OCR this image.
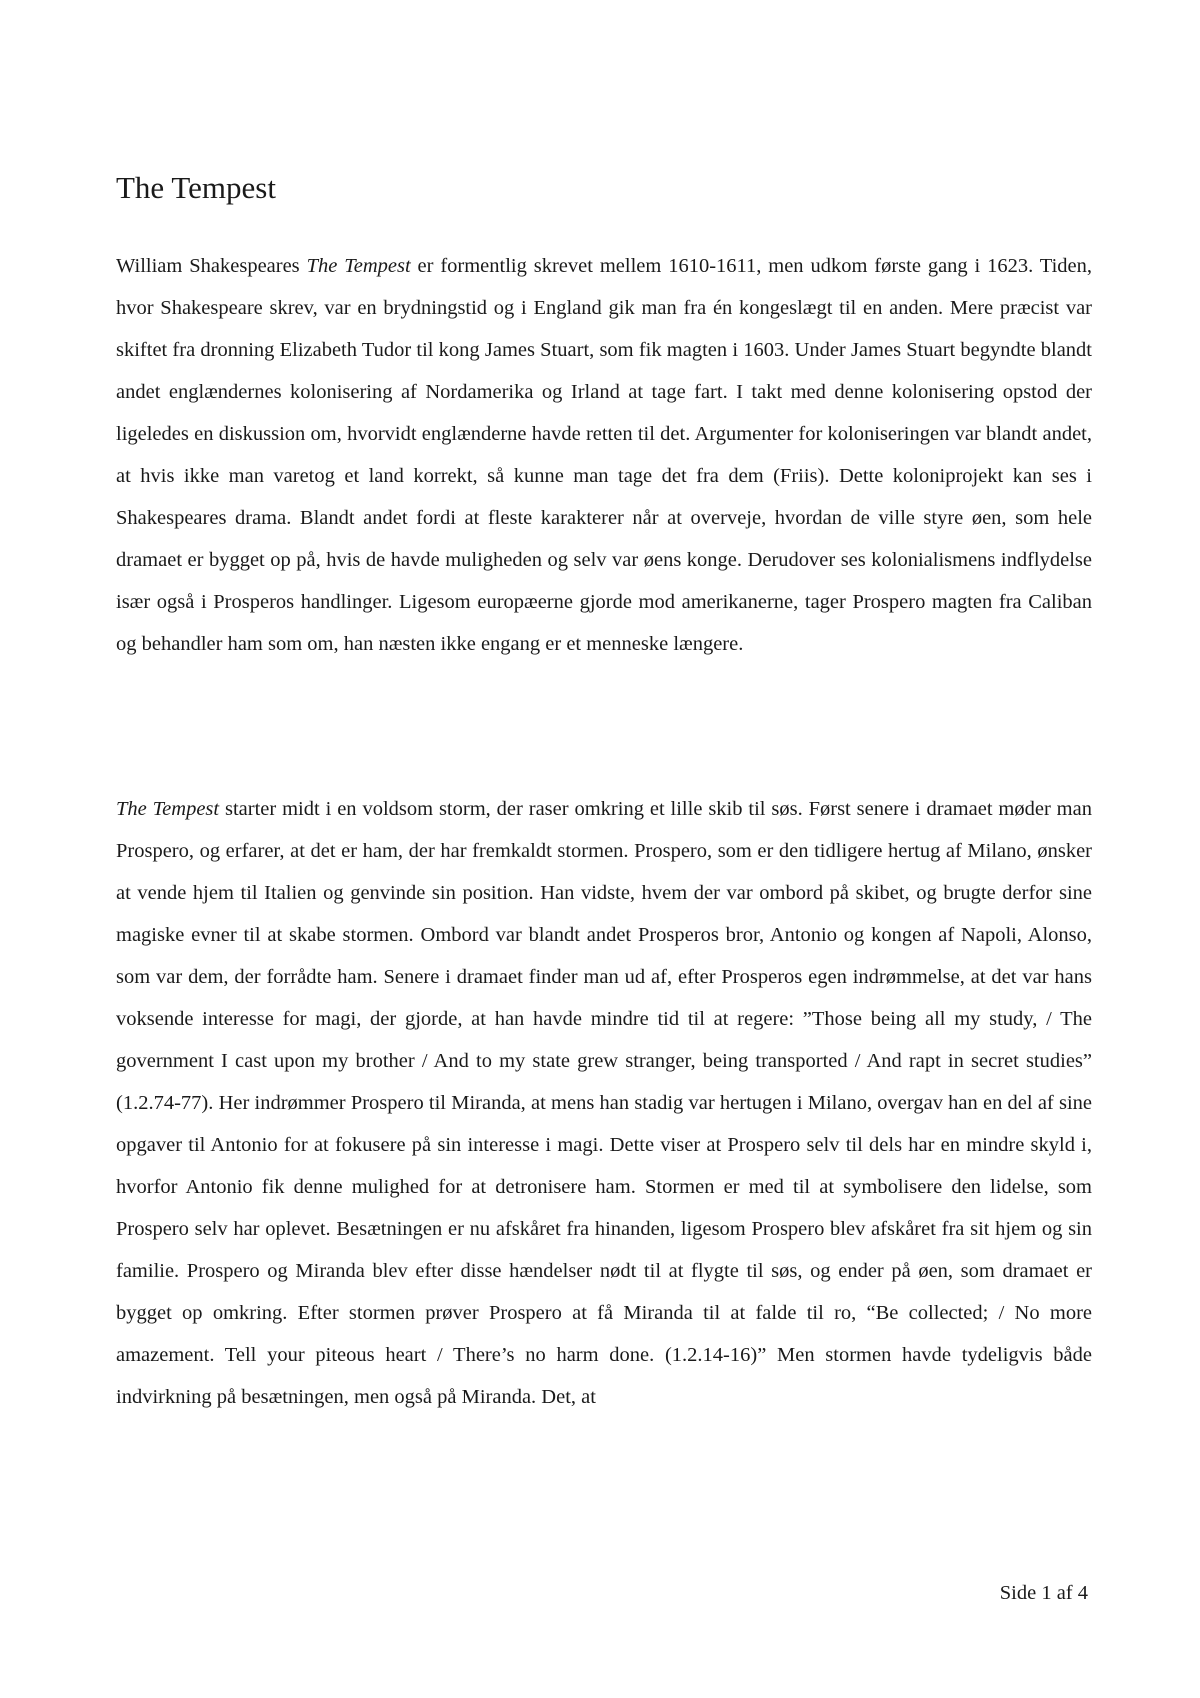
The Tempest

William Shakespeares The Tempest er formentlig skrevet mellem 1610-1611, men udkom første gang i 1623. Tiden, hvor Shakespeare skrev, var en brydningstid og i England gik man fra én kongeslægt til en anden. Mere præcist var skiftet fra dronning Elizabeth Tudor til kong James Stuart, som fik magten i 1603. Under James Stuart begyndte blandt andet englændernes kolonisering af Nordamerika og Irland at tage fart. I takt med denne kolonisering opstod der ligeledes en diskussion om, hvorvidt englænderne havde retten til det. Argumenter for koloniseringen var blandt andet, at hvis ikke man varetog et land korrekt, så kunne man tage det fra dem (Friis). Dette koloniprojekt kan ses i Shakespeares drama. Blandt andet fordi at fleste karakterer når at overveje, hvordan de ville styre øen, som hele dramaet er bygget op på, hvis de havde muligheden og selv var øens konge. Derudover ses kolonialismens indflydelse især også i Prosperos handlinger. Ligesom europæerne gjorde mod amerikanerne, tager Prospero magten fra Caliban og behandler ham som om, han næsten ikke engang er et menneske længere.

The Tempest starter midt i en voldsom storm, der raser omkring et lille skib til søs. Først senere i dramaet møder man Prospero, og erfarer, at det er ham, der har fremkaldt stormen. Prospero, som er den tidligere hertug af Milano, ønsker at vende hjem til Italien og genvinde sin position. Han vidste, hvem der var ombord på skibet, og brugte derfor sine magiske evner til at skabe stormen. Ombord var blandt andet Prosperos bror, Antonio og kongen af Napoli, Alonso, som var dem, der forrådte ham. Senere i dramaet finder man ud af, efter Prosperos egen indrømmelse, at det var hans voksende interesse for magi, der gjorde, at han havde mindre tid til at regere: ”Those being all my study, / The government I cast upon my brother / And to my state grew stranger, being transported / And rapt in secret studies” (1.2.74-77). Her indrømmer Prospero til Miranda, at mens han stadig var hertugen i Milano, overgav han en del af sine opgaver til Antonio for at fokusere på sin interesse i magi. Dette viser at Prospero selv til dels har en mindre skyld i, hvorfor Antonio fik denne mulighed for at detronisere ham. Stormen er med til at symbolisere den lidelse, som Prospero selv har oplevet. Besætningen er nu afskåret fra hinanden, ligesom Prospero blev afskåret fra sit hjem og sin familie. Prospero og Miranda blev efter disse hændelser nødt til at flygte til søs, og ender på øen, som dramaet er bygget op omkring. Efter stormen prøver Prospero at få Miranda til at falde til ro, “Be collected; / No more amazement. Tell your piteous heart / There’s no harm done. (1.2.14-16)” Men stormen havde tydeligvis både indvirkning på besætningen, men også på Miranda. Det, at

Side 1 af 4
